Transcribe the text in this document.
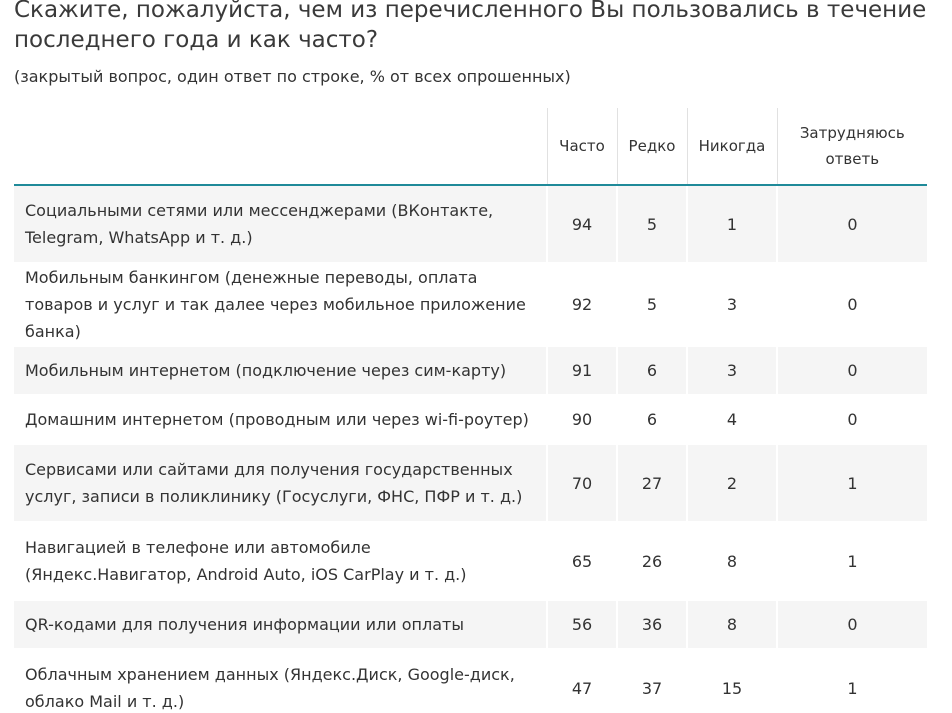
Скажите, пожалуйста, чем из перечисленного Вы пользовались в течение последнего года и как часто?

(закрытый вопрос, один ответ по строке, % от всех опрошенных)

	Часто	Редко	Никогда	Затрудняюсь ответь
Социальными сетями или мессенджерами (ВКонтакте, Telegram, WhatsApp и т. д.)	94	5	1	0
Мобильным банкингом (денежные переводы, оплата товаров и услуг и так далее через мобильное приложение банка)	92	5	3	0
Мобильным интернетом (подключение через сим-карту)	91	6	3	0
Домашним интернетом (проводным или через wi-fi-роутер)	90	6	4	0
Сервисами или сайтами для получения государственных услуг, записи в поликлинику (Госуслуги, ФНС, ПФР и т. д.)	70	27	2	1
Навигацией в телефоне или автомобиле (Яндекс.Навигатор, Android Auto, iOS CarPlay и т. д.)	65	26	8	1
QR-кодами для получения информации или оплаты	56	36	8	0
Облачным хранением данных (Яндекс.Диск, Google-диск, облако Mail и т. д.)	47	37	15	1
